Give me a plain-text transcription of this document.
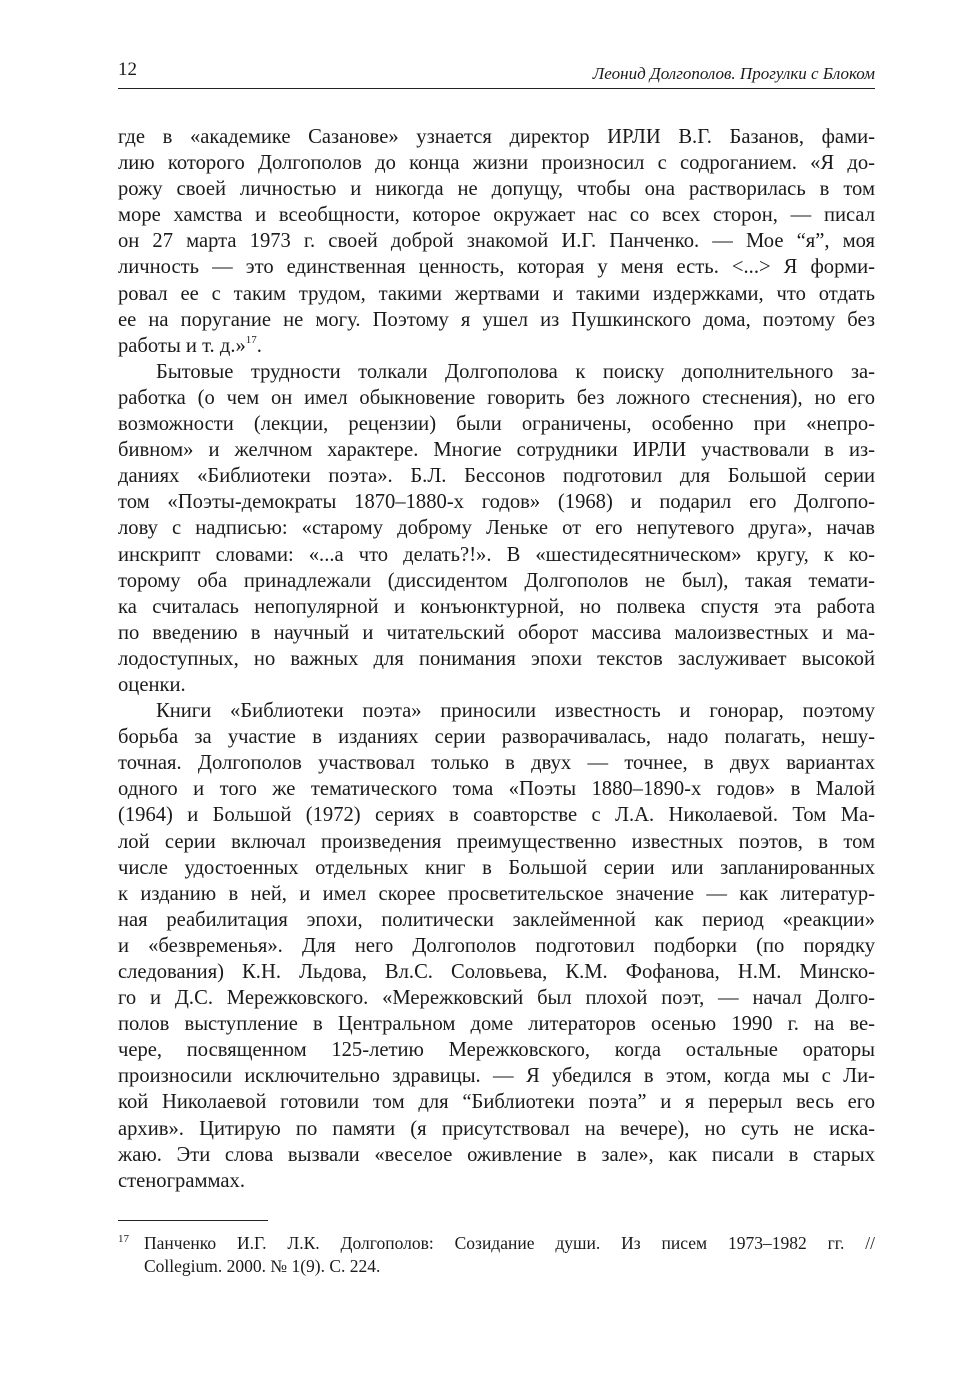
12	Леонид Долгополов. Прогулки с Блоком
где в «академике Сазанове» узнается директор ИРЛИ В.Г. Базанов, фами-
лию которого Долгополов до конца жизни произносил с содроганием. «Я до-
рожу своей личностью и никогда не допущу, чтобы она растворилась в том
море хамства и всеобщности, которое окружает нас со всех сторон, — писал
он 27 марта 1973 г. своей доброй знакомой И.Г. Панченко. — Мое “я”, моя
личность — это единственная ценность, которая у меня есть. <...> Я форми-
ровал ее с таким трудом, такими жертвами и такими издержками, что отдать
ее на поругание не могу. Поэтому я ушел из Пушкинского дома, поэтому без
работы и т. д.»$^{17}$.
Бытовые трудности толкали Долгополова к поиску дополнительного за-
работка (о чем он имел обыкновение говорить без ложного стеснения), но его
возможности (лекции, рецензии) были ограничены, особенно при «непро-
бивном» и желчном характере. Многие сотрудники ИРЛИ участвовали в из-
даниях «Библиотеки поэта». Б.Л. Бессонов подготовил для Большой серии
том «Поэты-демократы 1870–1880-х годов» (1968) и подарил его Долгопо-
лову с надписью: «старому доброму Леньке от его непутевого друга», начав
инскрипт словами: «...а что делать?!». В «шестидесятническом» кругу, к ко-
торому оба принадлежали (диссидентом Долгополов не был), такая темати-
ка считалась непопулярной и конъюнктурной, но полвека спустя эта работа
по введению в научный и читательский оборот массива малоизвестных и ма-
лодоступных, но важных для понимания эпохи текстов заслуживает высокой
оценки.
Книги «Библиотеки поэта» приносили известность и гонорар, поэтому
борьба за участие в изданиях серии разворачивалась, надо полагать, нешу-
точная. Долгополов участвовал только в двух — точнее, в двух вариантах
одного и того же тематического тома «Поэты 1880–1890-х годов» в Малой
(1964) и Большой (1972) сериях в соавторстве с Л.А. Николаевой. Том Ма-
лой серии включал произведения преимущественно известных поэтов, в том
числе удостоенных отдельных книг в Большой серии или запланированных
к изданию в ней, и имел скорее просветительское значение — как литератур-
ная реабилитация эпохи, политически заклейменной как период «реакции»
и «безвременья». Для него Долгополов подготовил подборки (по порядку
следования) К.Н. Льдова, Вл.С. Соловьева, К.М. Фофанова, Н.М. Минско-
го и Д.С. Мережковского. «Мережковский был плохой поэт, — начал Долго-
полов выступление в Центральном доме литераторов осенью 1990 г. на ве-
чере, посвященном 125-летию Мережковского, когда остальные ораторы
произносили исключительно здравицы. — Я убедился в этом, когда мы с Ли-
кой Николаевой готовили том для “Библиотеки поэта” и я перерыл весь его
архив». Цитирую по памяти (я присутствовал на вечере), но суть не иска-
жаю. Эти слова вызвали «веселое оживление в зале», как писали в старых
стенограммах.
17 Панченко И.Г. Л.К. Долгополов: Созидание души. Из писем 1973–1982 гг. //
Collegium. 2000. № 1(9). С. 224.
